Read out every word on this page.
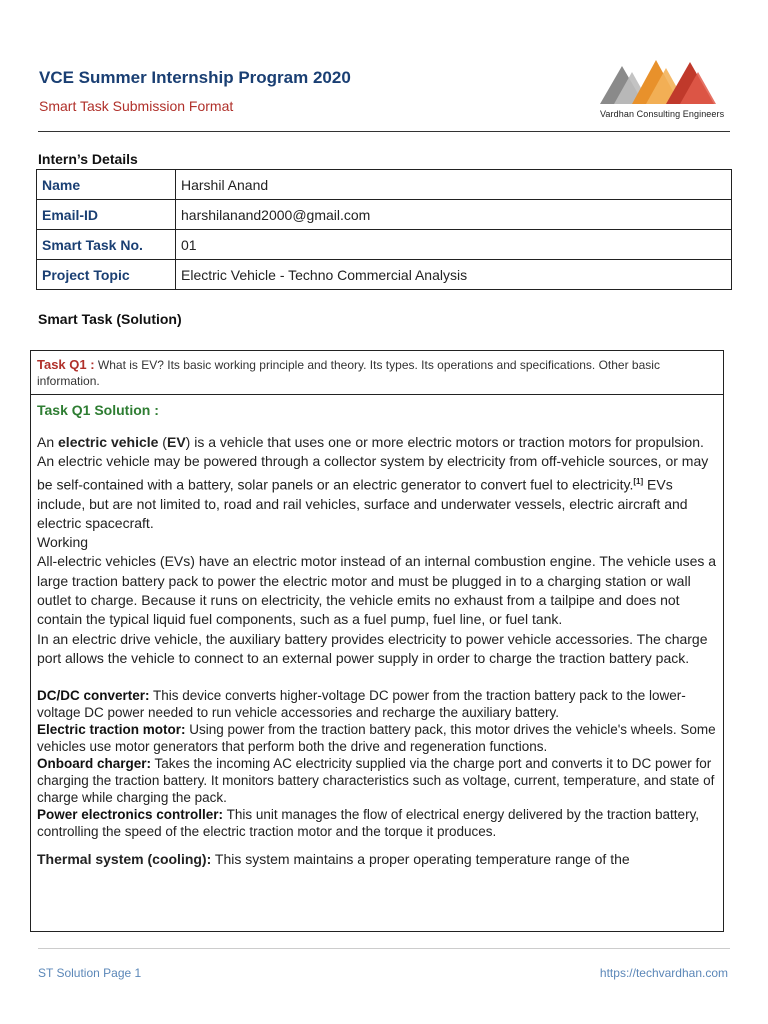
VCE Summer Internship Program 2020
Smart Task Submission Format	Vardhan Consulting Engineers
Intern’s Details
Name	Harshil Anand
Email-ID	harshilanand2000@gmail.com
Smart Task No.	01
Project Topic	Electric Vehicle - Techno Commercial Analysis
Smart Task (Solution)
Task Q1 : What is EV? Its basic working principle and theory. Its types. Its operations and specifications. Other basic information.
Task Q1 Solution :

An electric vehicle (EV) is a vehicle that uses one or more electric motors or traction motors for propulsion. An electric vehicle may be powered through a collector system by electricity from off-vehicle sources, or may be self-contained with a battery, solar panels or an electric generator to convert fuel to electricity.[1] EVs include, but are not limited to, road and rail vehicles, surface and underwater vessels, electric aircraft and electric spacecraft.

Working

All-electric vehicles (EVs) have an electric motor instead of an internal combustion engine. The vehicle uses a large traction battery pack to power the electric motor and must be plugged in to a charging station or wall outlet to charge. Because it runs on electricity, the vehicle emits no exhaust from a tailpipe and does not contain the typical liquid fuel components, such as a fuel pump, fuel line, or fuel tank.

In an electric drive vehicle, the auxiliary battery provides electricity to power vehicle accessories. The charge port allows the vehicle to connect to an external power supply in order to charge the traction battery pack.

DC/DC converter: This device converts higher-voltage DC power from the traction battery pack to the lower-voltage DC power needed to run vehicle accessories and recharge the auxiliary battery.

Electric traction motor: Using power from the traction battery pack, this motor drives the vehicle's wheels. Some vehicles use motor generators that perform both the drive and regeneration functions.

Onboard charger: Takes the incoming AC electricity supplied via the charge port and converts it to DC power for charging the traction battery. It monitors battery characteristics such as voltage, current, temperature, and state of charge while charging the pack.

Power electronics controller: This unit manages the flow of electrical energy delivered by the traction battery, controlling the speed of the electric traction motor and the torque it produces.

Thermal system (cooling): This system maintains a proper operating temperature range of the

ST Solution Page 1	https://techvardhan.com
